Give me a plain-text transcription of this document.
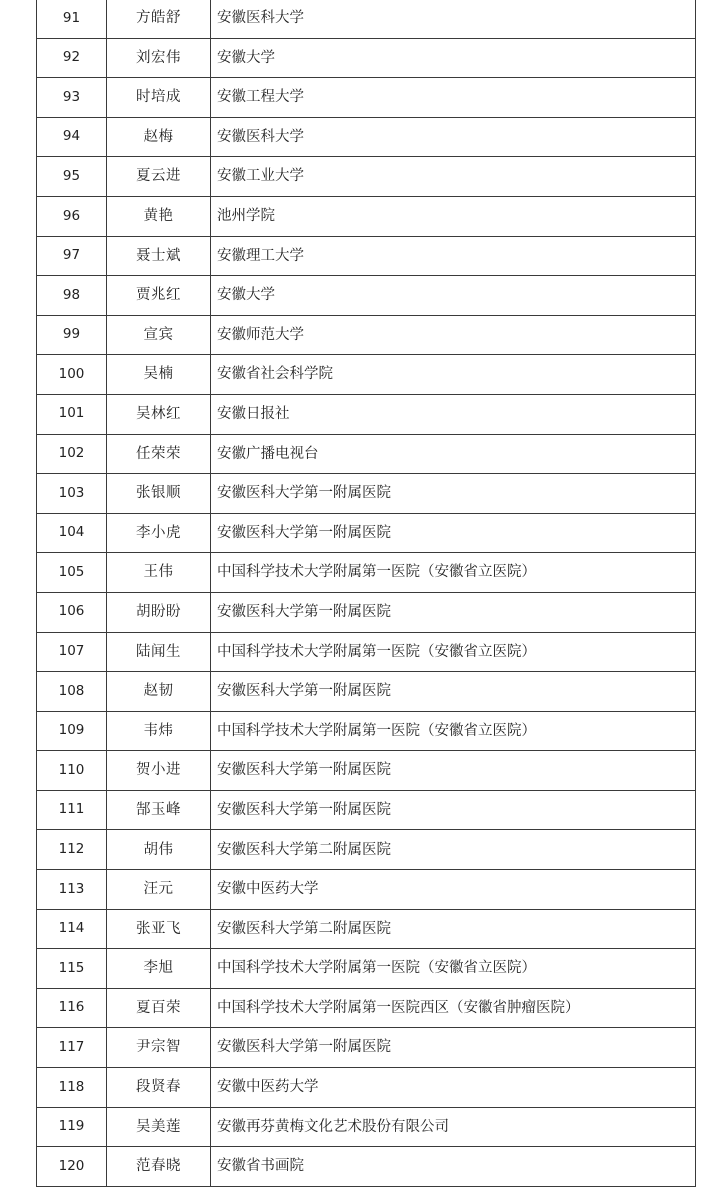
91	方皓舒	安徽医科大学
92	刘宏伟	安徽大学
93	时培成	安徽工程大学
94	赵梅	安徽医科大学
95	夏云进	安徽工业大学
96	黄艳	池州学院
97	聂士斌	安徽理工大学
98	贾兆红	安徽大学
99	宣宾	安徽师范大学
100	吴楠	安徽省社会科学院
101	吴林红	安徽日报社
102	任荣荣	安徽广播电视台
103	张银顺	安徽医科大学第一附属医院
104	李小虎	安徽医科大学第一附属医院
105	王伟	中国科学技术大学附属第一医院（安徽省立医院）
106	胡盼盼	安徽医科大学第一附属医院
107	陆闻生	中国科学技术大学附属第一医院（安徽省立医院）
108	赵韧	安徽医科大学第一附属医院
109	韦炜	中国科学技术大学附属第一医院（安徽省立医院）
110	贺小进	安徽医科大学第一附属医院
111	郜玉峰	安徽医科大学第一附属医院
112	胡伟	安徽医科大学第二附属医院
113	汪元	安徽中医药大学
114	张亚飞	安徽医科大学第二附属医院
115	李旭	中国科学技术大学附属第一医院（安徽省立医院）
116	夏百荣	中国科学技术大学附属第一医院西区（安徽省肿瘤医院）
117	尹宗智	安徽医科大学第一附属医院
118	段贤春	安徽中医药大学
119	吴美莲	安徽再芬黄梅文化艺术股份有限公司
120	范春晓	安徽省书画院
